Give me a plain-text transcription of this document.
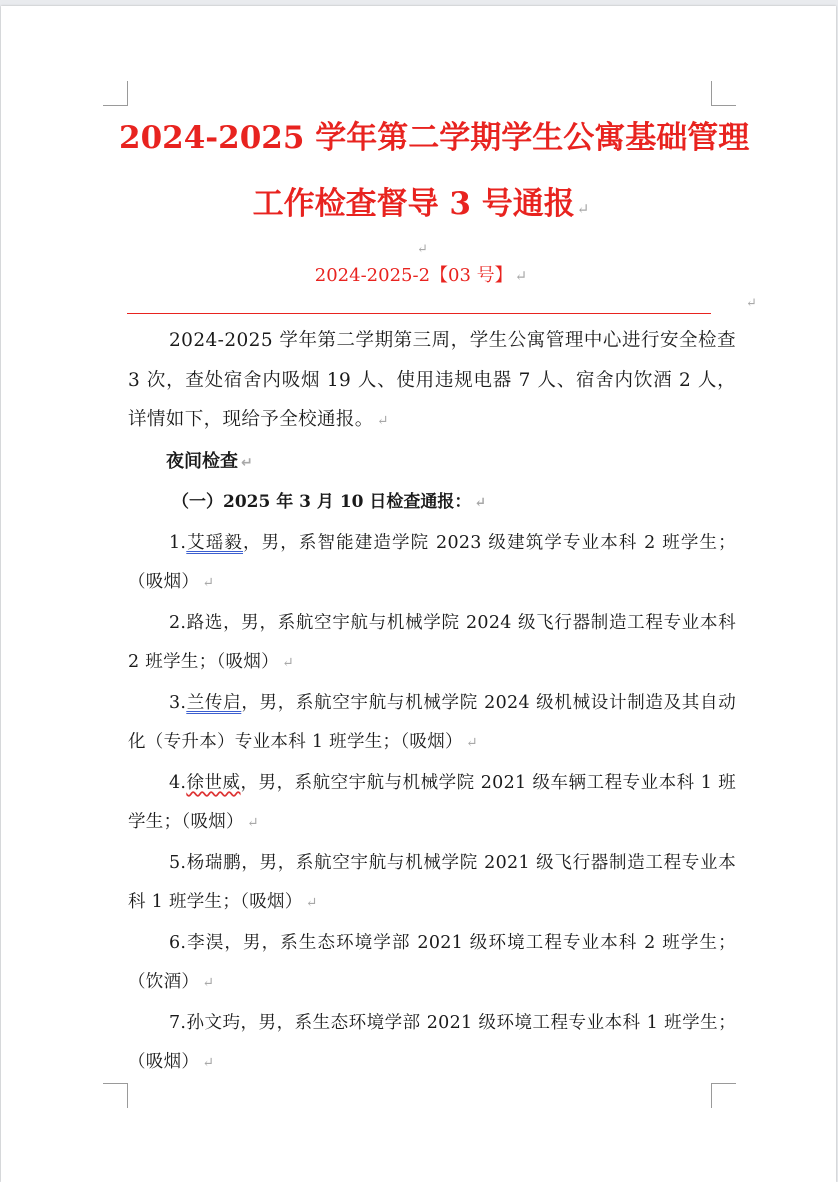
2024-2025 学年第二学期学生公寓基础管理
工作检查督导 3 号通报 ↵
↵
2024-2025-2【03 号】 ↵
↵

2024-2025 学年第二学期第三周，学生公寓管理中心进行安全检查 3 次，查处宿舍内吸烟 19 人、使用违规电器 7 人、宿舍内饮酒 2 人，详情如下，现给予全校通报。 ↵

夜间检查 ↵

（一）2025 年 3 月 10 日检查通报： ↵

1.艾瑶毅，男，系智能建造学院 2023 级建筑学专业本科 2 班学生；（吸烟） ↵

2.路选，男，系航空宇航与机械学院 2024 级飞行器制造工程专业本科 2 班学生；（吸烟） ↵

3.兰传启，男，系航空宇航与机械学院 2024 级机械设计制造及其自动化（专升本）专业本科 1 班学生；（吸烟） ↵

4.徐世威，男，系航空宇航与机械学院 2021 级车辆工程专业本科 1 班学生；（吸烟） ↵

5.杨瑞鹏，男，系航空宇航与机械学院 2021 级飞行器制造工程专业本科 1 班学生；（吸烟） ↵

6.李淏，男，系生态环境学部 2021 级环境工程专业本科 2 班学生；（饮酒） ↵

7.孙文玙，男，系生态环境学部 2021 级环境工程专业本科 1 班学生；（吸烟） ↵
